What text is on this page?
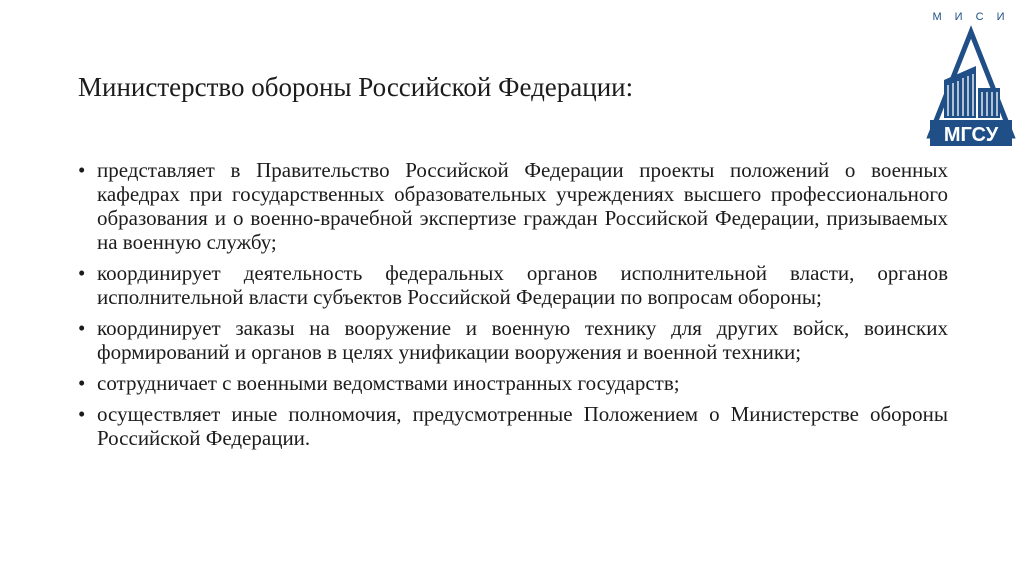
Министерство обороны Российской Федерации:
М И С И
МГСУ
• представляет в Правительство Российской Федерации проекты положений о военных кафедрах при государственных образовательных учреждениях высшего профессионального образования и о военно-врачебной экспертизе граждан Российской Федерации, призываемых на военную службу;
• координирует деятельность федеральных органов исполнительной власти, органов исполнительной власти субъектов Российской Федерации по вопросам обороны;
• координирует заказы на вооружение и военную технику для других войск, воинских формирований и органов в целях унификации вооружения и военной техники;
• сотрудничает с военными ведомствами иностранных государств;
• осуществляет иные полномочия, предусмотренные Положением о Министерстве обороны Российской Федерации.
